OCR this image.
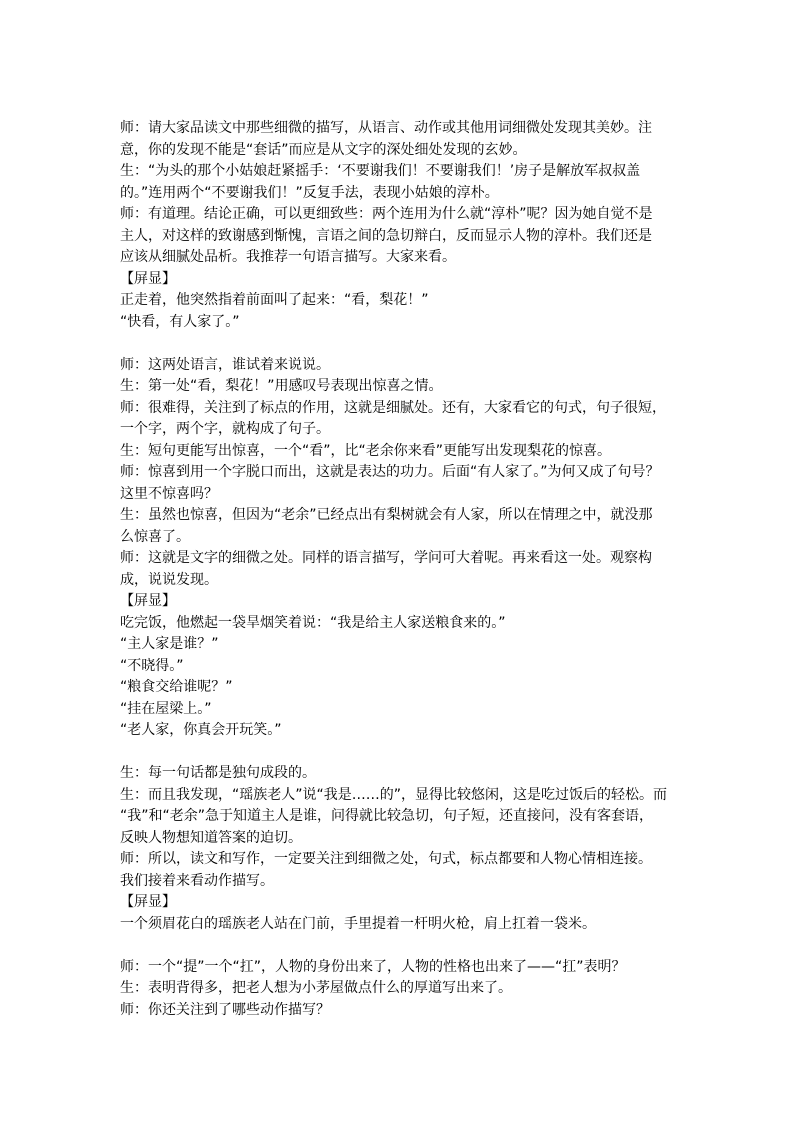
师：请大家品读文中那些细微的描写，从语言、动作或其他用词细微处发现其美妙。注
意，你的发现不能是“套话”而应是从文字的深处细处发现的玄妙。
生：“为头的那个小姑娘赶紧摇手：‘不要谢我们！不要谢我们！’房子是解放军叔叔盖
的。”连用两个“不要谢我们！”反复手法，表现小姑娘的淳朴。
师：有道理。结论正确，可以更细致些：两个连用为什么就“淳朴”呢？因为她自觉不是
主人，对这样的致谢感到惭愧，言语之间的急切辩白，反而显示人物的淳朴。我们还是
应该从细腻处品析。我推荐一句语言描写。大家来看。
【屏显】
正走着，他突然指着前面叫了起来：“看，梨花！”
“快看，有人家了。”
师：这两处语言，谁试着来说说。
生：第一处“看，梨花！”用感叹号表现出惊喜之情。
师：很难得，关注到了标点的作用，这就是细腻处。还有，大家看它的句式，句子很短，
一个字，两个字，就构成了句子。
生：短句更能写出惊喜，一个“看”，比“老余你来看”更能写出发现梨花的惊喜。
师：惊喜到用一个字脱口而出，这就是表达的功力。后面“有人家了。”为何又成了句号？
这里不惊喜吗？
生：虽然也惊喜，但因为“老余”已经点出有梨树就会有人家，所以在情理之中，就没那
么惊喜了。
师：这就是文字的细微之处。同样的语言描写，学问可大着呢。再来看这一处。观察构
成，说说发现。
【屏显】
吃完饭，他燃起一袋旱烟笑着说：“我是给主人家送粮食来的。”
“主人家是谁？”
“不晓得。”
“粮食交给谁呢？”
“挂在屋梁上。”
“老人家，你真会开玩笑。”
生：每一句话都是独句成段的。
生：而且我发现，“瑶族老人”说“我是……的”，显得比较悠闲，这是吃过饭后的轻松。而
“我”和“老余”急于知道主人是谁，问得就比较急切，句子短，还直接问，没有客套语，
反映人物想知道答案的迫切。
师：所以，读文和写作，一定要关注到细微之处，句式，标点都要和人物心情相连接。
我们接着来看动作描写。
【屏显】
一个须眉花白的瑶族老人站在门前，手里提着一杆明火枪，肩上扛着一袋米。
师：一个“提”一个“扛”，人物的身份出来了，人物的性格也出来了——“扛”表明？
生：表明背得多，把老人想为小茅屋做点什么的厚道写出来了。
师：你还关注到了哪些动作描写？
